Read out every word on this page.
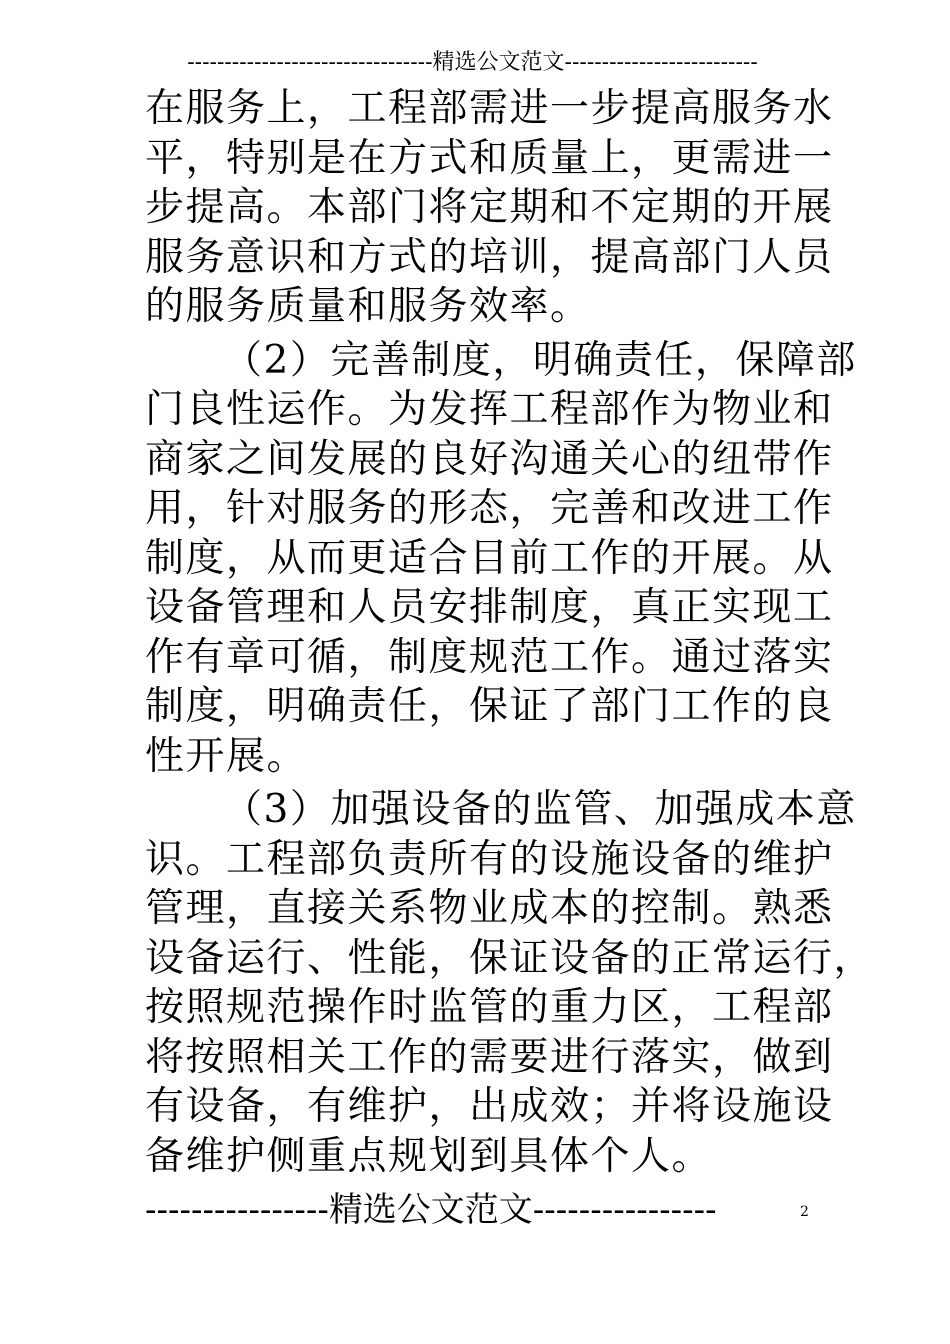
---------------------------------精选公文范文--------------------------
在服务上，工程部需进一步提高服务水
平，特别是在方式和质量上，更需进一
步提高。本部门将定期和不定期的开展
服务意识和方式的培训，提高部门人员
的服务质量和服务效率。
（2）完善制度，明确责任，保障部
门良性运作。为发挥工程部作为物业和
商家之间发展的良好沟通关心的纽带作
用，针对服务的形态，完善和改进工作
制度，从而更适合目前工作的开展。从
设备管理和人员安排制度，真正实现工
作有章可循，制度规范工作。通过落实
制度，明确责任，保证了部门工作的良
性开展。
（3）加强设备的监管、加强成本意
识。工程部负责所有的设施设备的维护
管理，直接关系物业成本的控制。熟悉
设备运行、性能，保证设备的正常运行，
按照规范操作时监管的重力区，工程部
将按照相关工作的需要进行落实，做到
有设备，有维护，出成效；并将设施设
备维护侧重点规划到具体个人。
----------------精选公文范文----------------	2
